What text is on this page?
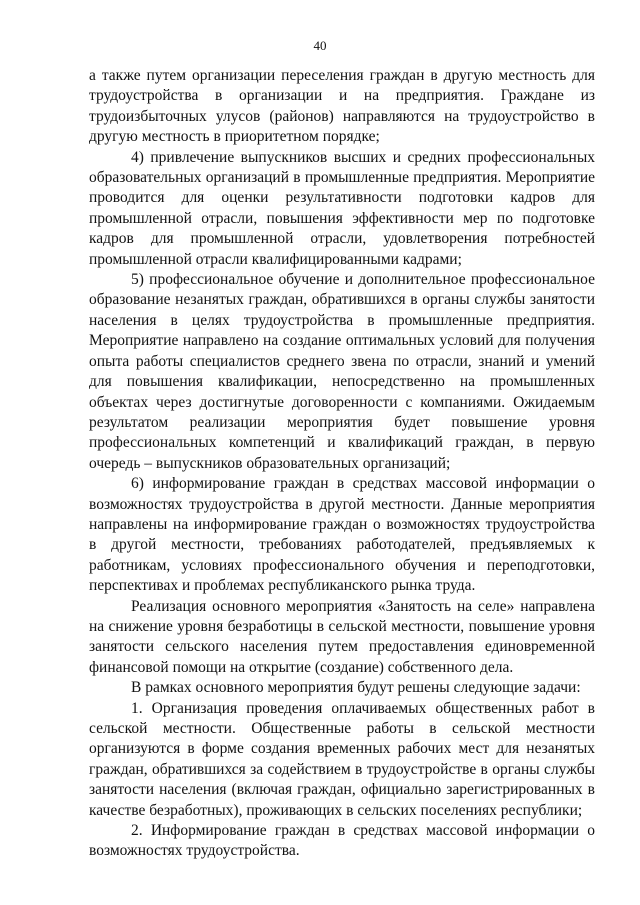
40

а также путем организации переселения граждан в другую местность для трудоустройства в организации и на предприятия. Граждане из трудоизбыточных улусов (районов) направляются на трудоустройство в другую местность в приоритетном порядке;

4) привлечение выпускников высших и средних профессиональных образовательных организаций в промышленные предприятия. Мероприятие проводится для оценки результативности подготовки кадров для промышленной отрасли, повышения эффективности мер по подготовке кадров для промышленной отрасли, удовлетворения потребностей промышленной отрасли квалифицированными кадрами;

5) профессиональное обучение и дополнительное профессиональное образование незанятых граждан, обратившихся в органы службы занятости населения в целях трудоустройства в промышленные предприятия. Мероприятие направлено на создание оптимальных условий для получения опыта работы специалистов среднего звена по отрасли, знаний и умений для повышения квалификации, непосредственно на промышленных объектах через достигнутые договоренности с компаниями. Ожидаемым результатом реализации мероприятия будет повышение уровня профессиональных компетенций и квалификаций граждан, в первую очередь – выпускников образовательных организаций;

6) информирование граждан в средствах массовой информации о возможностях трудоустройства в другой местности. Данные мероприятия направлены на информирование граждан о возможностях трудоустройства в другой местности, требованиях работодателей, предъявляемых к работникам, условиях профессионального обучения и переподготовки, перспективах и проблемах республиканского рынка труда.

Реализация основного мероприятия «Занятость на селе» направлена на снижение уровня безработицы в сельской местности, повышение уровня занятости сельского населения путем предоставления единовременной финансовой помощи на открытие (создание) собственного дела.

В рамках основного мероприятия будут решены следующие задачи:

1. Организация проведения оплачиваемых общественных работ в сельской местности. Общественные работы в сельской местности организуются в форме создания временных рабочих мест для незанятых граждан, обратившихся за содействием в трудоустройстве в органы службы занятости населения (включая граждан, официально зарегистрированных в качестве безработных), проживающих в сельских поселениях республики;

2. Информирование граждан в средствах массовой информации о возможностях трудоустройства.
